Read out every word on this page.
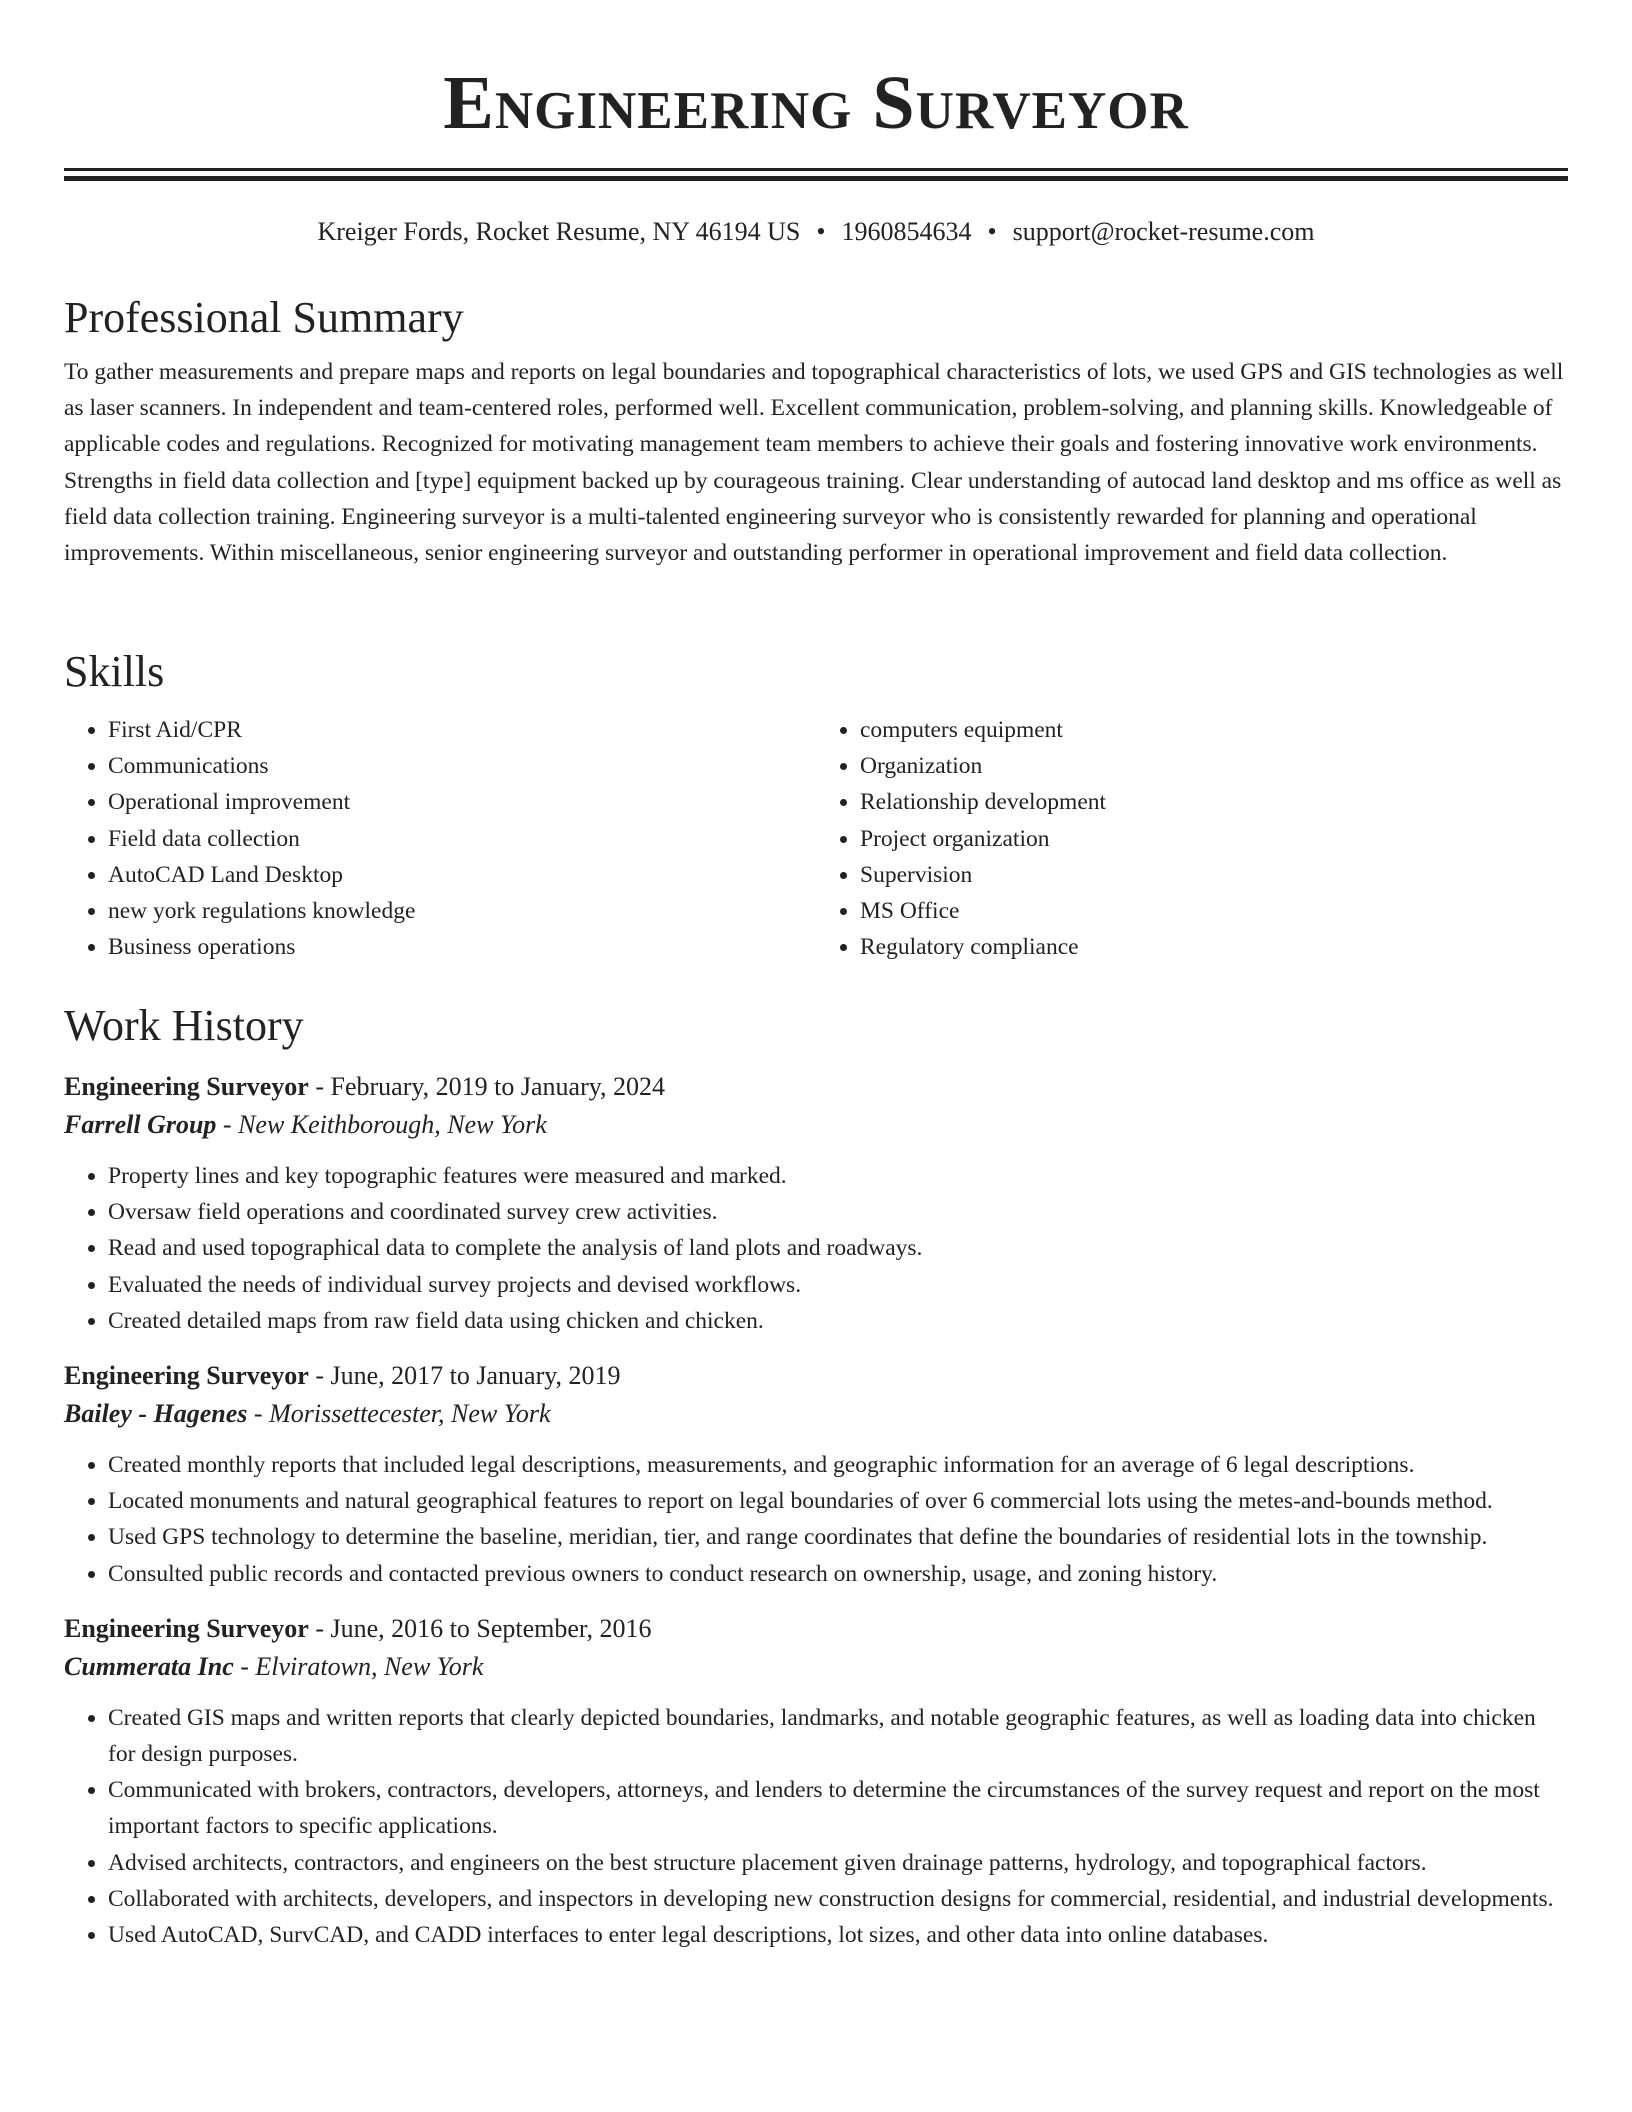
Engineering Surveyor
Kreiger Fords, Rocket Resume, NY 46194 US • 1960854634 • support@rocket-resume.com
Professional Summary

To gather measurements and prepare maps and reports on legal boundaries and topographical characteristics of lots, we used GPS and GIS technologies as well as laser scanners. In independent and team-centered roles, performed well. Excellent communication, problem-solving, and planning skills. Knowledgeable of applicable codes and regulations. Recognized for motivating management team members to achieve their goals and fostering innovative work environments. Strengths in field data collection and [type] equipment backed up by courageous training. Clear understanding of autocad land desktop and ms office as well as field data collection training. Engineering surveyor is a multi-talented engineering surveyor who is consistently rewarded for planning and operational improvements. Within miscellaneous, senior engineering surveyor and outstanding performer in operational improvement and field data collection.

Skills
• First Aid/CPR
• Communications
• Operational improvement
• Field data collection
• AutoCAD Land Desktop
• new york regulations knowledge
• Business operations
• computers equipment
• Organization
• Relationship development
• Project organization
• Supervision
• MS Office
• Regulatory compliance
Work History
Engineering Surveyor - February, 2019 to January, 2024
Farrell Group - New Keithborough, New York
• Property lines and key topographic features were measured and marked.
• Oversaw field operations and coordinated survey crew activities.
• Read and used topographical data to complete the analysis of land plots and roadways.
• Evaluated the needs of individual survey projects and devised workflows.
• Created detailed maps from raw field data using chicken and chicken.
Engineering Surveyor - June, 2017 to January, 2019
Bailey - Hagenes - Morissettecester, New York
• Created monthly reports that included legal descriptions, measurements, and geographic information for an average of 6 legal descriptions.
• Located monuments and natural geographical features to report on legal boundaries of over 6 commercial lots using the metes-and-bounds method.
• Used GPS technology to determine the baseline, meridian, tier, and range coordinates that define the boundaries of residential lots in the township.
• Consulted public records and contacted previous owners to conduct research on ownership, usage, and zoning history.
Engineering Surveyor - June, 2016 to September, 2016
Cummerata Inc - Elviratown, New York
• Created GIS maps and written reports that clearly depicted boundaries, landmarks, and notable geographic features, as well as loading data into chicken for design purposes.
• Communicated with brokers, contractors, developers, attorneys, and lenders to determine the circumstances of the survey request and report on the most important factors to specific applications.
• Advised architects, contractors, and engineers on the best structure placement given drainage patterns, hydrology, and topographical factors.
• Collaborated with architects, developers, and inspectors in developing new construction designs for commercial, residential, and industrial developments.
• Used AutoCAD, SurvCAD, and CADD interfaces to enter legal descriptions, lot sizes, and other data into online databases.
